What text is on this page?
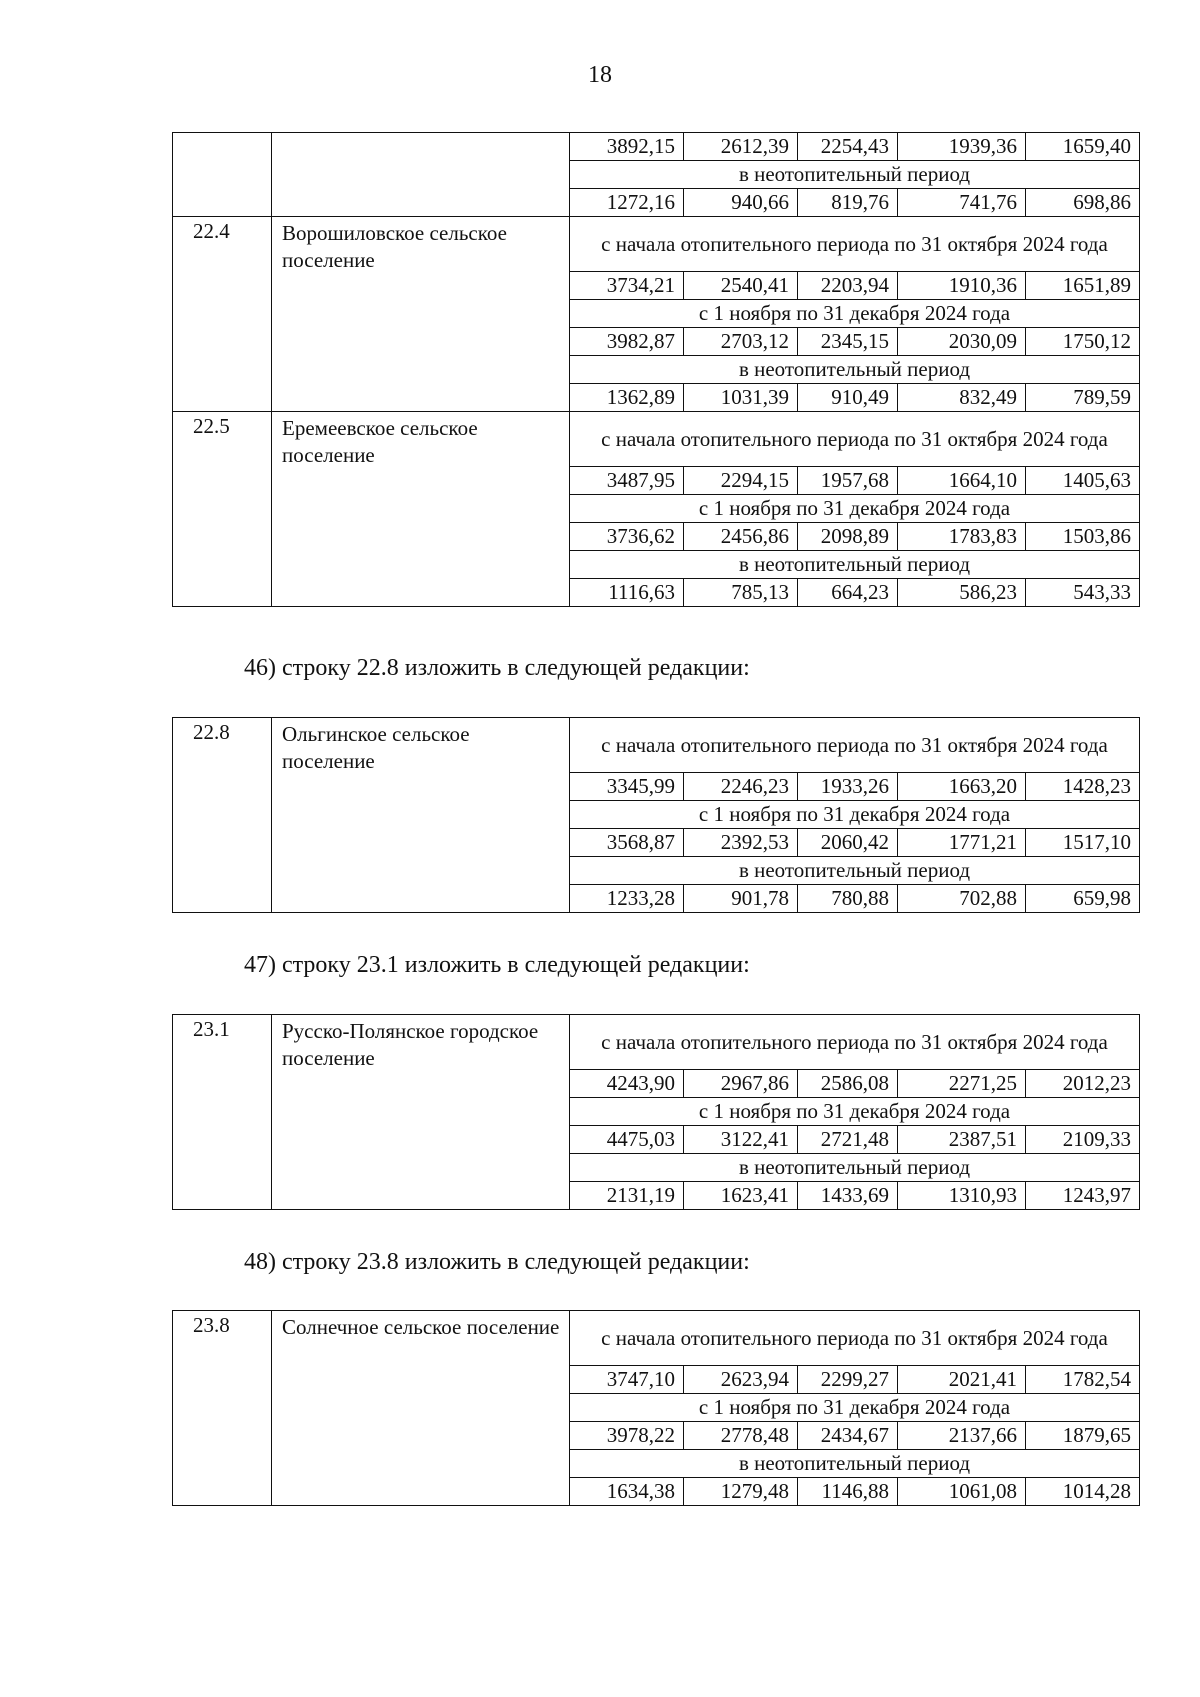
18
		3892,15	2612,39	2254,43	1939,36	1659,40
		в неотопительный период				
		1272,16	940,66	819,76	741,76	698,86
22.4	Ворошиловское сельское поселение	с начала отопительного периода по 31 октября 2024 года				
		3734,21	2540,41	2203,94	1910,36	1651,89
		с 1 ноября по 31 декабря 2024 года				
		3982,87	2703,12	2345,15	2030,09	1750,12
		в неотопительный период				
		1362,89	1031,39	910,49	832,49	789,59
22.5	Еремеевское сельское поселение	с начала отопительного периода по 31 октября 2024 года				
		3487,95	2294,15	1957,68	1664,10	1405,63
		с 1 ноября по 31 декабря 2024 года				
		3736,62	2456,86	2098,89	1783,83	1503,86
		в неотопительный период				
		1116,63	785,13	664,23	586,23	543,33
46) строку 22.8 изложить в следующей редакции:
22.8	Ольгинское сельское поселение	с начала отопительного периода по 31 октября 2024 года				
		3345,99	2246,23	1933,26	1663,20	1428,23
		с 1 ноября по 31 декабря 2024 года				
		3568,87	2392,53	2060,42	1771,21	1517,10
		в неотопительный период				
		1233,28	901,78	780,88	702,88	659,98
47) строку 23.1 изложить в следующей редакции:
23.1	Русско-Полянское городское поселение	с начала отопительного периода по 31 октября 2024 года				
		4243,90	2967,86	2586,08	2271,25	2012,23
		с 1 ноября по 31 декабря 2024 года				
		4475,03	3122,41	2721,48	2387,51	2109,33
		в неотопительный период				
		2131,19	1623,41	1433,69	1310,93	1243,97
48) строку 23.8 изложить в следующей редакции:
23.8	Солнечное сельское поселение	с начала отопительного периода по 31 октября 2024 года				
		3747,10	2623,94	2299,27	2021,41	1782,54
		с 1 ноября по 31 декабря 2024 года				
		3978,22	2778,48	2434,67	2137,66	1879,65
		в неотопительный период				
		1634,38	1279,48	1146,88	1061,08	1014,28
